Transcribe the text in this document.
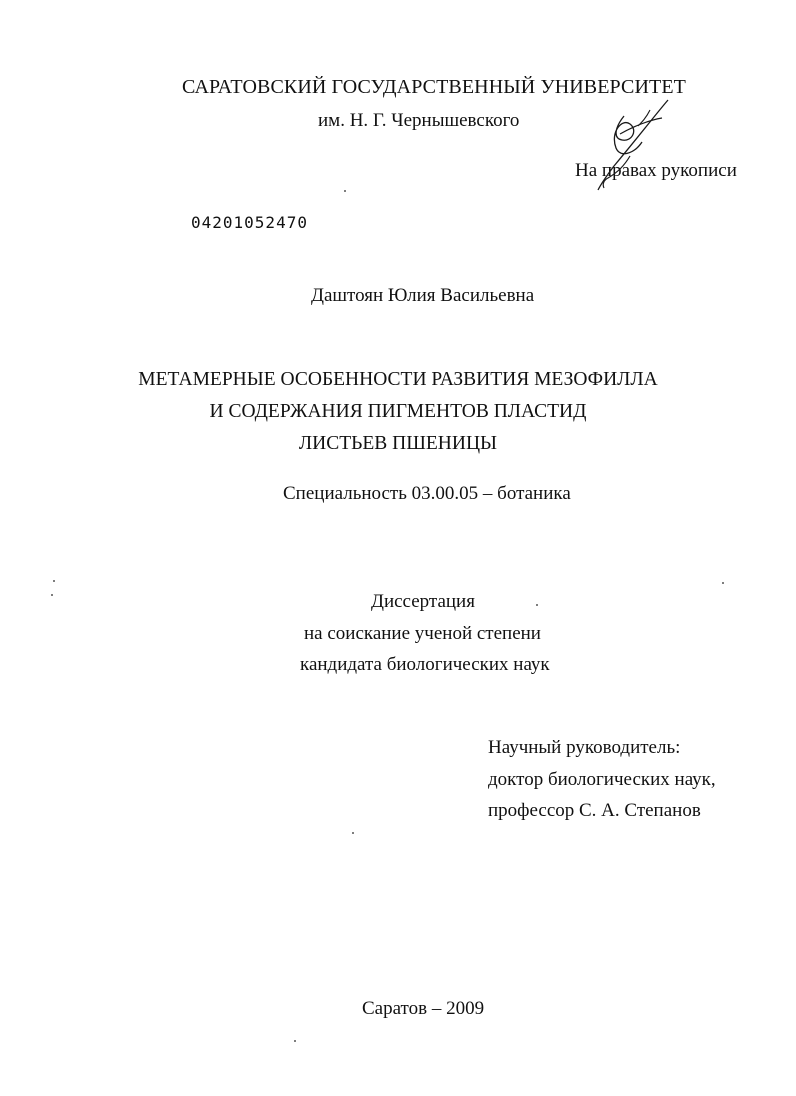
САРАТОВСКИЙ ГОСУДАРСТВЕННЫЙ УНИВЕРСИТЕТ
им. Н. Г. Чернышевского
На правах рукописи
04201052470
Даштоян Юлия Васильевна
МЕТАМЕРНЫЕ ОСОБЕННОСТИ РАЗВИТИЯ МЕЗОФИЛЛА
И СОДЕРЖАНИЯ ПИГМЕНТОВ ПЛАСТИД
ЛИСТЬЕВ ПШЕНИЦЫ
Специальность 03.00.05 – ботаника
Диссертация
на соискание ученой степени
кандидата биологических наук
Научный руководитель:
доктор биологических наук,
профессор С. А. Степанов
Саратов – 2009
